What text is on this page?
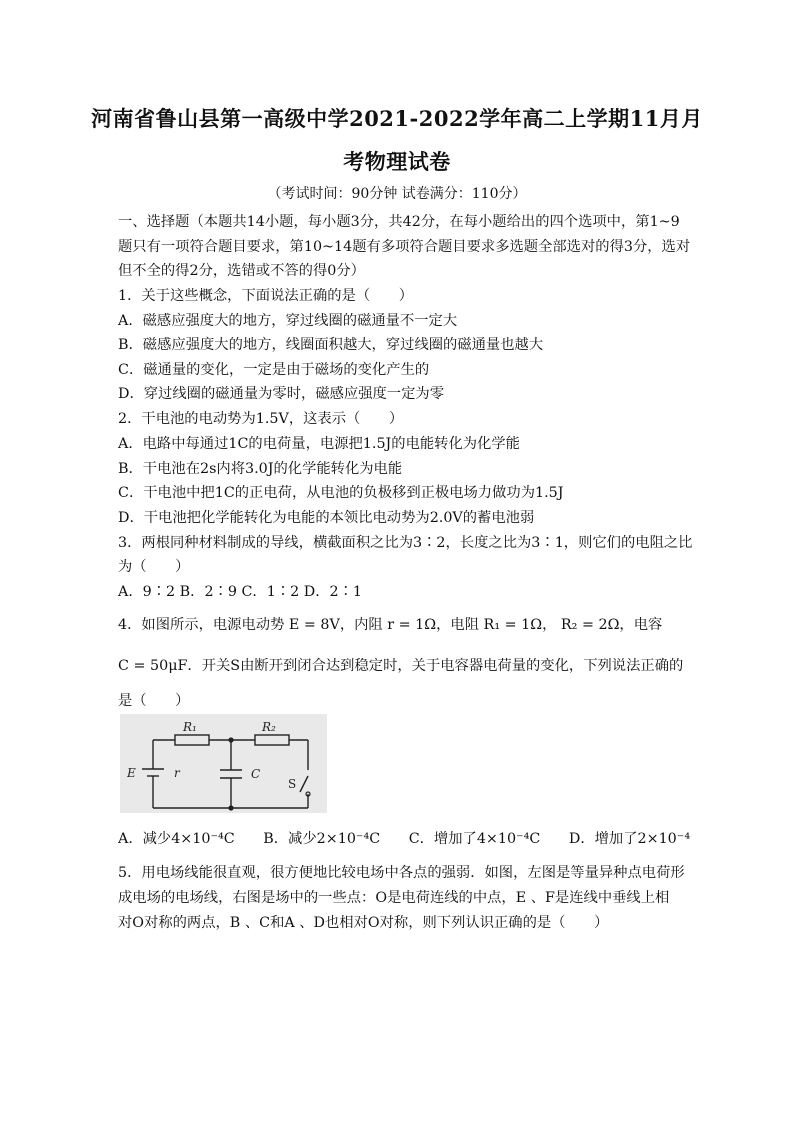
河南省鲁山县第一高级中学2021-2022学年高二上学期11月月
考物理试卷
（考试时间：90分钟 试卷满分：110分）
一、选择题（本题共14小题，每小题3分，共42分，在每小题给出的四个选项中，第1~9
题只有一项符合题目要求，第10~14题有多项符合题目要求多选题全部选对的得3分，选对
但不全的得2分，选错或不答的得0分）
1．关于这些概念，下面说法正确的是（　　）
A．磁感应强度大的地方，穿过线圈的磁通量不一定大
B．磁感应强度大的地方，线圈面积越大，穿过线圈的磁通量也越大
C．磁通量的变化，一定是由于磁场的变化产生的
D．穿过线圈的磁通量为零时，磁感应强度一定为零
2．干电池的电动势为1.5V，这表示（　　）
A．电路中每通过1C的电荷量，电源把1.5J的电能转化为化学能
B．干电池在2s内将3.0J的化学能转化为电能
C．干电池中把1C的正电荷，从电池的负极移到正极电场力做功为1.5J
D．干电池把化学能转化为电能的本领比电动势为2.0V的蓄电池弱
3．两根同种材料制成的导线，横截面积之比为3∶2，长度之比为3∶1，则它们的电阻之比
为（　　）
A．9∶2 B．2∶9 C．1∶2 D．2∶1
4．如图所示，电源电动势 E = 8V，内阻 r = 1Ω，电阻 R₁ = 1Ω， R₂ = 2Ω，电容
C = 50μF．开关S由断开到闭合达到稳定时，关于电容器电荷量的变化，下列说法正确的
是（　　）
R₁	R₂
E	r	C
S
A．减少4×10⁻⁴C B．减少2×10⁻⁴C C．增加了4×10⁻⁴C D．增加了2×10⁻⁴
5．用电场线能很直观，很方便地比较电场中各点的强弱．如图，左图是等量异种点电荷形
成电场的电场线，右图是场中的一些点：O是电荷连线的中点，E 、F是连线中垂线上相
对O对称的两点，B 、C和A 、D也相对O对称，则下列认识正确的是（　　）
